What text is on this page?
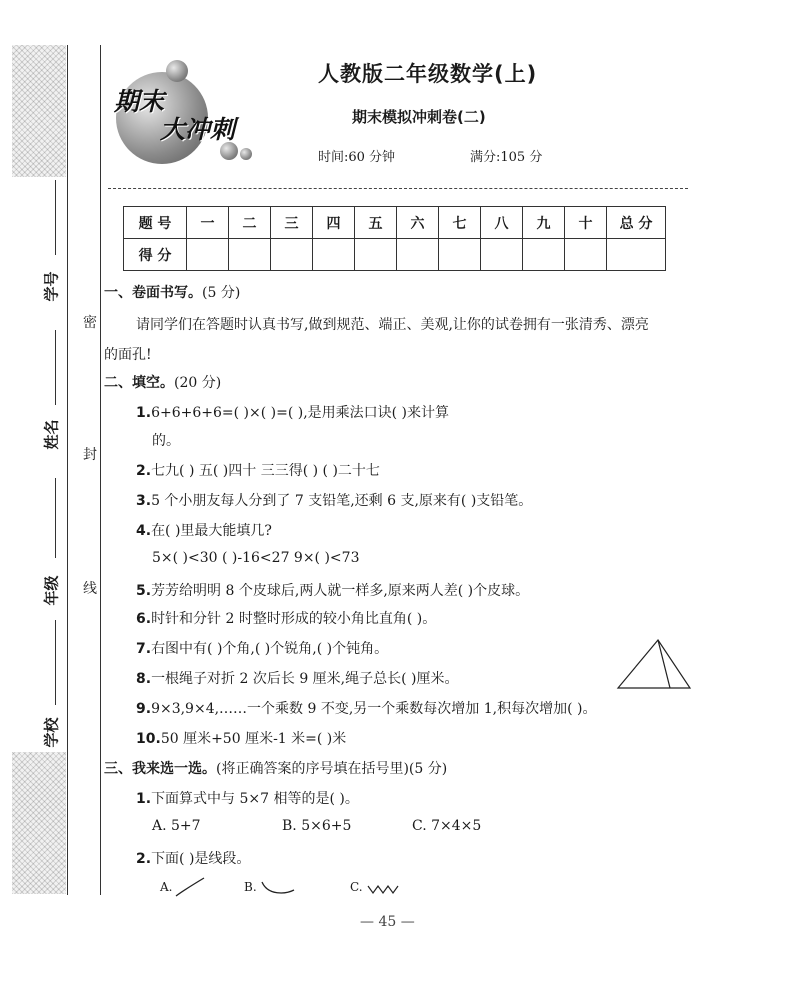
学号
姓名
年级
学校
密
封
线
期末
大冲刺
人教版二年级数学(上)
期末模拟冲刺卷(二)
时间:60 分钟	满分:105 分
题 号	一	二	三	四	五	六	七	八	九	十	总 分
得 分											
一、卷面书写。(5 分)
请同学们在答题时认真书写,做到规范、端正、美观,让你的试卷拥有一张清秀、漂亮
的面孔!
二、填空。(20 分)
1.6+6+6+6=( )×( )=( ),是用乘法口诀( )来计算
的。
2.七九( ) 五( )四十 三三得( ) ( )二十七
3.5 个小朋友每人分到了 7 支铅笔,还剩 6 支,原来有( )支铅笔。
4.在( )里最大能填几?
5×( )<30 ( )-16<27 9×( )<73
5.芳芳给明明 8 个皮球后,两人就一样多,原来两人差( )个皮球。
6.时针和分针 2 时整时形成的较小角比直角( )。
7.右图中有( )个角,( )个锐角,( )个钝角。
8.一根绳子对折 2 次后长 9 厘米,绳子总长( )厘米。
9.9×3,9×4,……一个乘数 9 不变,另一个乘数每次增加 1,积每次增加( )。
10.50 厘米+50 厘米-1 米=( )米
三、我来选一选。(将正确答案的序号填在括号里)(5 分)
1.下面算式中与 5×7 相等的是( )。
A. 5+7	B. 5×6+5	C. 7×4×5
2.下面( )是线段。
A.	B.	C.
— 45 —
